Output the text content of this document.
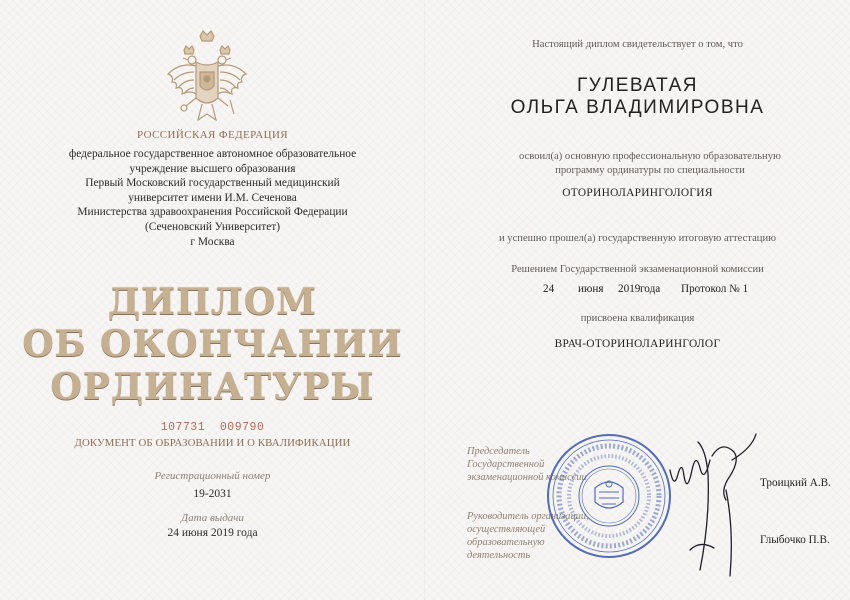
РОССИЙСКАЯ ФЕДЕРАЦИЯ
федеральное государственное автономное образовательное
учреждение высшего образования
Первый Московский государственный медицинский
университет имени И.М. Сеченова
Министерства здравоохранения Российской Федерации
(Сеченовский Университет)
г Москва
ДИПЛОМ
ОБ ОКОНЧАНИИ
ОРДИНАТУРЫ
107731  009790
ДОКУМЕНТ ОБ ОБРАЗОВАНИИ И О КВАЛИФИКАЦИИ
Регистрационный номер
19-2031
Дата выдачи
24 июня 2019 года
Настоящий диплом свидетельствует о том, что
ГУЛЕВАТАЯ
ОЛЬГА ВЛАДИМИРОВНА
освоил(а) основную профессиональную образовательную
программу ординатуры по специальности
ОТОРИНОЛАРИНГОЛОГИЯ
и успешно прошел(а) государственную итоговую аттестацию
Решением Государственной экзаменационной комиссии
24 июня 2019 года Протокол № 1
присвоена квалификация
ВРАЧ-ОТОРИНОЛАРИНГОЛОГ
Председатель
Государственной
экзаменационной комиссии
Руководитель организации,
осуществляющей образовательную
деятельность
Троицкий А.В.
Глыбочко П.В.
